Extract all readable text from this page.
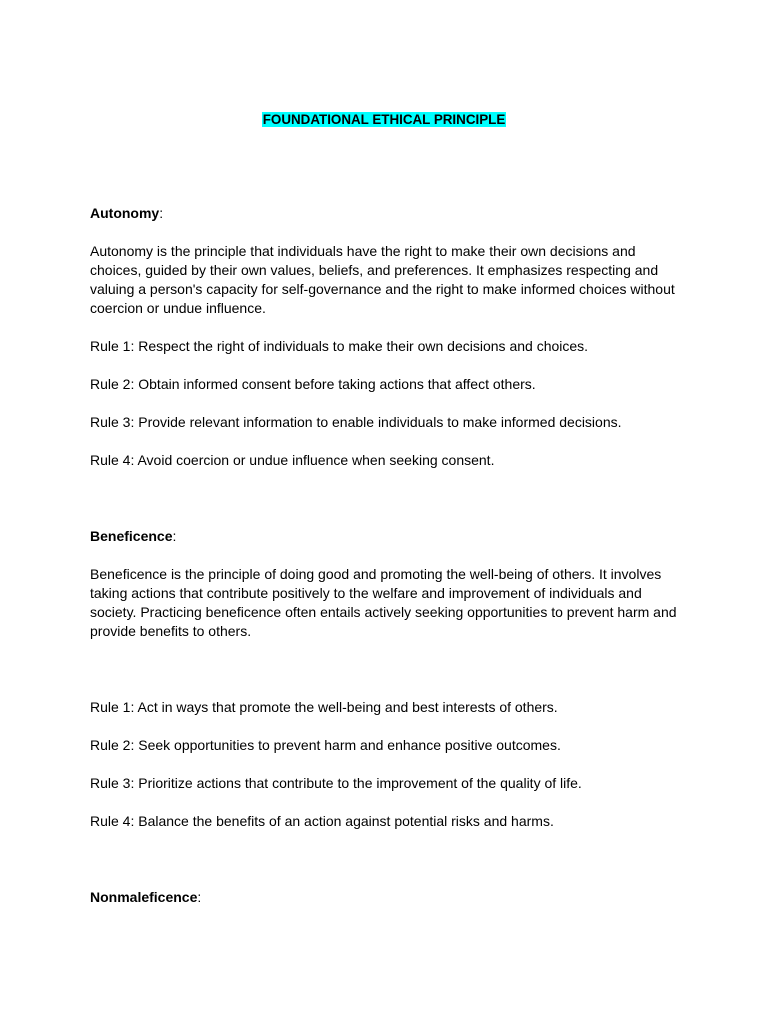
FOUNDATIONAL ETHICAL PRINCIPLE

Autonomy:

Autonomy is the principle that individuals have the right to make their own decisions and choices, guided by their own values, beliefs, and preferences. It emphasizes respecting and valuing a person's capacity for self-governance and the right to make informed choices without coercion or undue influence.

Rule 1: Respect the right of individuals to make their own decisions and choices.

Rule 2: Obtain informed consent before taking actions that affect others.

Rule 3: Provide relevant information to enable individuals to make informed decisions.

Rule 4: Avoid coercion or undue influence when seeking consent.

Beneficence:

Beneficence is the principle of doing good and promoting the well-being of others. It involves taking actions that contribute positively to the welfare and improvement of individuals and society. Practicing beneficence often entails actively seeking opportunities to prevent harm and provide benefits to others.

Rule 1: Act in ways that promote the well-being and best interests of others.

Rule 2: Seek opportunities to prevent harm and enhance positive outcomes.

Rule 3: Prioritize actions that contribute to the improvement of the quality of life.

Rule 4: Balance the benefits of an action against potential risks and harms.

Nonmaleficence:
